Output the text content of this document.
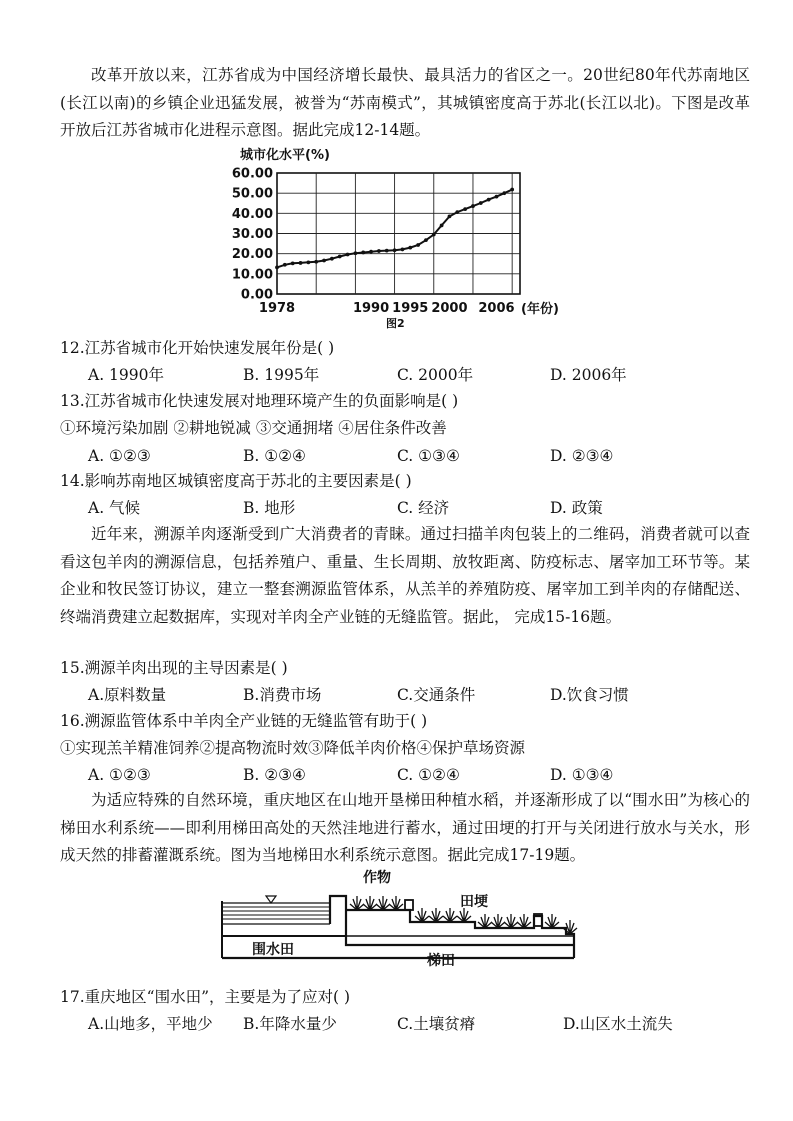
改革开放以来，江苏省成为中国经济增长最快、最具活力的省区之一。20世纪80年代苏南地区(长江以南)的乡镇企业迅猛发展，被誉为“苏南模式”，其城镇密度高于苏北(长江以北)。下图是改革开放后江苏省城市化进程示意图。据此完成12-14题。
城市化水平(%)
60.00
50.00
40.00
30.00
20.00
10.00
0.00
1978	1990 1995 2000 2006 (年份)
图2
12.江苏省城市化开始快速发展年份是( )
A. 1990年	B. 1995年	C. 2000年	D. 2006年
13.江苏省城市化快速发展对地理环境产生的负面影响是( )
①环境污染加剧 ②耕地锐减 ③交通拥堵 ④居住条件改善
A. ①②③	B. ①②④	C. ①③④	D. ②③④
14.影响苏南地区城镇密度高于苏北的主要因素是( )
A. 气候	B. 地形	C. 经济	D. 政策
近年来，溯源羊肉逐渐受到广大消费者的青睐。通过扫描羊肉包装上的二维码，消费者就可以查看这包羊肉的溯源信息，包括养殖户、重量、生长周期、放牧距离、防疫标志、屠宰加工环节等。某企业和牧民签订协议，建立一整套溯源监管体系，从羔羊的养殖防疫、屠宰加工到羊肉的存储配送、终端消费建立起数据库，实现对羊肉全产业链的无缝监管。据此， 完成15-16题。
15.溯源羊肉出现的主导因素是( )
A.原料数量	B.消费市场	C.交通条件	D.饮食习惯
16.溯源监管体系中羊肉全产业链的无缝监管有助于( )
①实现羔羊精准饲养②提高物流时效③降低羊肉价格④保护草场资源
A. ①②③	B. ②③④	C. ①②④	D. ①③④
为适应特殊的自然环境，重庆地区在山地开垦梯田种植水稻，并逐渐形成了以“围水田”为核心的梯田水利系统——即利用梯田高处的天然洼地进行蓄水，通过田埂的打开与关闭进行放水与关水，形成天然的排蓄灌溉系统。图为当地梯田水利系统示意图。据此完成17-19题。
作物
田埂
围水田
梯田
17.重庆地区“围水田”，主要是为了应对( )
A.山地多，平地少 B.年降水量少	C.土壤贫瘠	D.山区水土流失
